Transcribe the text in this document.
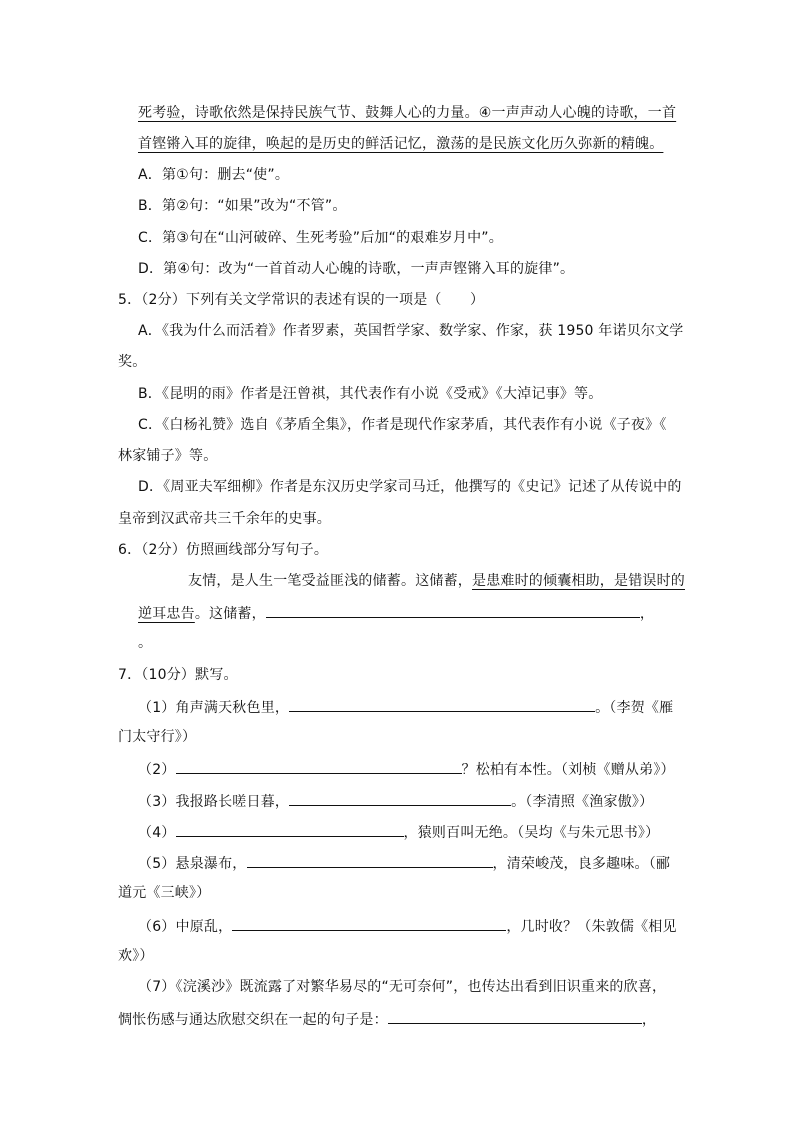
死考验，诗歌依然是保持民族气节、鼓舞人心的力量。④一声声动人心魄的诗歌，一首
首铿锵入耳的旋律，唤起的是历史的鲜活记忆，激荡的是民族文化历久弥新的精魄。
A．第①句：删去“使”。
B．第②句：“如果”改为“不管”。
C．第③句在“山河破碎、生死考验”后加“的艰难岁月中”。
D．第④句：改为“一首首动人心魄的诗歌，一声声铿锵入耳的旋律”。
5．（2分）下列有关文学常识的表述有误的一项是（　　）
A．《我为什么而活着》作者罗素，英国哲学家、数学家、作家，获 1950 年诺贝尔文学
奖。
B．《昆明的雨》作者是汪曾祺，其代表作有小说《受戒》《大淖记事》等。
C．《白杨礼赞》选自《茅盾全集》，作者是现代作家茅盾，其代表作有小说《子夜》《
林家铺子》等。
D．《周亚夫军细柳》作者是东汉历史学家司马迁，他撰写的《史记》记述了从传说中的
皇帝到汉武帝共三千余年的史事。
6．（2分）仿照画线部分写句子。
友情，是人生一笔受益匪浅的储蓄。这储蓄，是患难时的倾囊相助，是错误时的
逆耳忠告。这储蓄，	，
。
7．（10分）默写。
（1）角声满天秋色里，	。（李贺《雁
门太守行》）
（2）	？松柏有本性。（刘桢《赠从弟》）
（3）我报路长嗟日暮，	。（李清照《渔家傲》）
（4）	，猿则百叫无绝。（吴均《与朱元思书》）
（5）悬泉瀑布，	，清荣峻茂，良多趣味。（郦
道元《三峡》）
（6）中原乱，	，几时收？（朱敦儒《相见
欢》）
（7）《浣溪沙》既流露了对繁华易尽的“无可奈何”，也传达出看到旧识重来的欣喜，
惆怅伤感与通达欣慰交织在一起的句子是：	，
